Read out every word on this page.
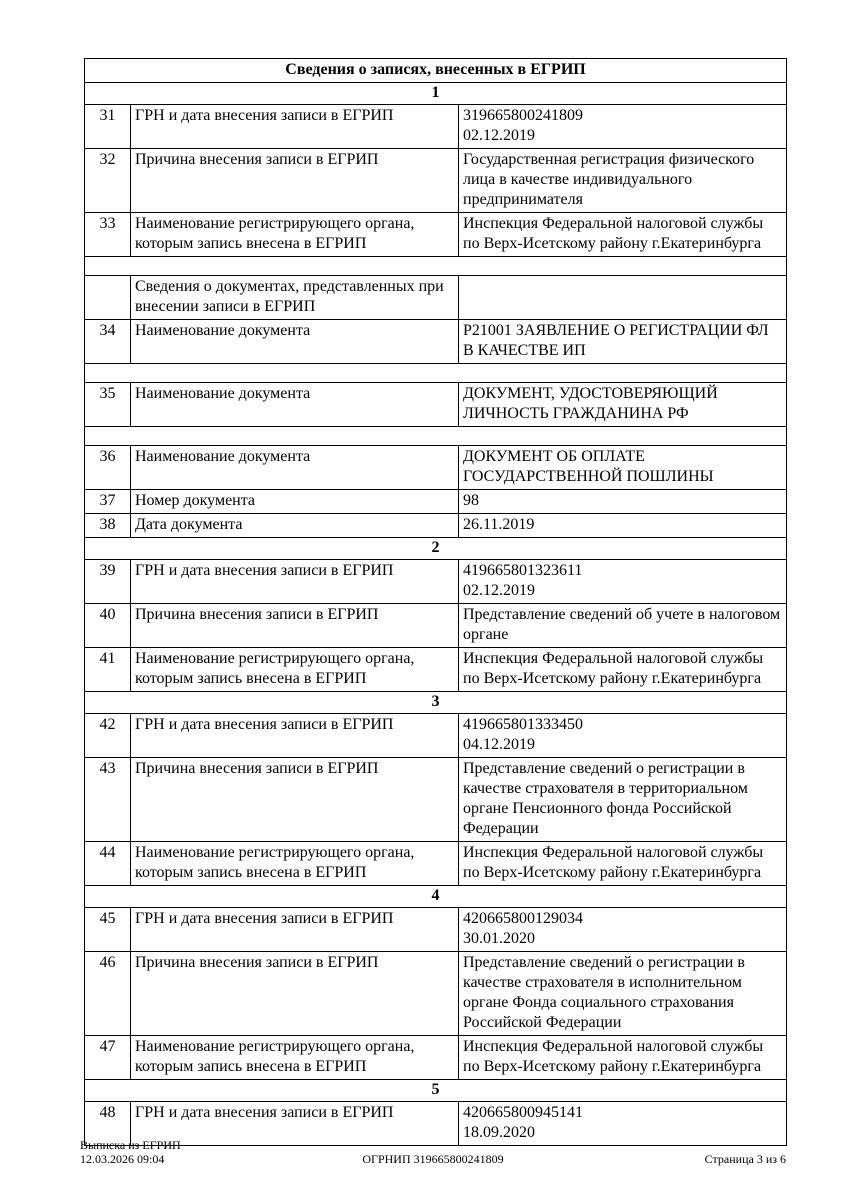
Сведения о записях, внесенных в ЕГРИП		
1		
31	ГРН и дата внесения записи в ЕГРИП	319665800241809
02.12.2019

32	Причина внесения записи в ЕГРИП	Государственная регистрация физического лица в качестве индивидуального предпринимателя

33	Наименование регистрирующего органа, которым запись внесена в ЕГРИП	Инспекция Федеральной налоговой службы по Верх-Исетскому району г.Екатеринбурга

	Сведения о документах, представленных при внесении записи в ЕГРИП	
34	Наименование документа	Р21001 ЗАЯВЛЕНИЕ О РЕГИСТРАЦИИ ФЛ В КАЧЕСТВЕ ИП

35	Наименование документа	ДОКУМЕНТ, УДОСТОВЕРЯЮЩИЙ ЛИЧНОСТЬ ГРАЖДАНИНА РФ

36	Наименование документа	ДОКУМЕНТ ОБ ОПЛАТЕ ГОСУДАРСТВЕННОЙ ПОШЛИНЫ

37	Номер документа	98

38	Дата документа	26.11.2019

2		
39	ГРН и дата внесения записи в ЕГРИП	419665801323611
02.12.2019

40	Причина внесения записи в ЕГРИП	Представление сведений об учете в налоговом органе

41	Наименование регистрирующего органа, которым запись внесена в ЕГРИП	Инспекция Федеральной налоговой службы по Верх-Исетскому району г.Екатеринбурга

3		
42	ГРН и дата внесения записи в ЕГРИП	419665801333450
04.12.2019

43	Причина внесения записи в ЕГРИП	Представление сведений о регистрации в качестве страхователя в территориальном органе Пенсионного фонда Российской Федерации

44	Наименование регистрирующего органа, которым запись внесена в ЕГРИП	Инспекция Федеральной налоговой службы по Верх-Исетскому району г.Екатеринбурга

4		
45	ГРН и дата внесения записи в ЕГРИП	420665800129034
30.01.2020

46	Причина внесения записи в ЕГРИП	Представление сведений о регистрации в качестве страхователя в исполнительном органе Фонда социального страхования Российской Федерации

47	Наименование регистрирующего органа, которым запись внесена в ЕГРИП	Инспекция Федеральной налоговой службы по Верх-Исетскому району г.Екатеринбурга

5		
48	ГРН и дата внесения записи в ЕГРИП	420665800945141
18.09.2020
Выписка из ЕГРИП
12.03.2026 09:04	ОГРНИП 319665800241809	Страница 3 из 6
